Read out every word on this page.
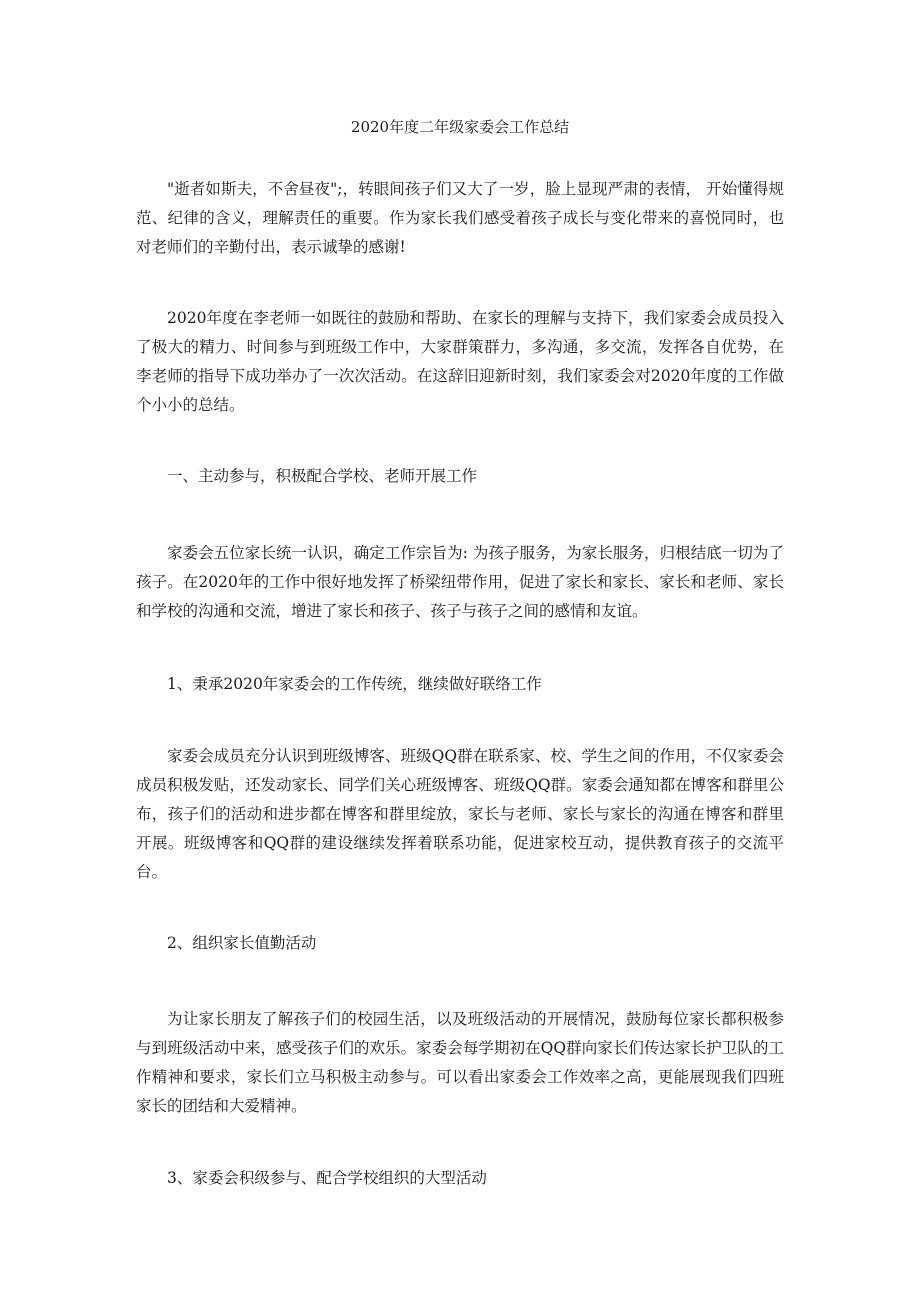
2020年度二年级家委会工作总结

"逝者如斯夫，不舍昼夜";，转眼间孩子们又大了一岁，脸上显现严肃的表情， 开始懂得规范、纪律的含义，理解责任的重要。作为家长我们感受着孩子成长与变化带来的喜悦同时，也对老师们的辛勤付出，表示诚挚的感谢!

2020年度在李老师一如既往的鼓励和帮助、在家长的理解与支持下，我们家委会成员投入了极大的精力、时间参与到班级工作中，大家群策群力，多沟通，多交流，发挥各自优势，在李老师的指导下成功举办了一次次活动。在这辞旧迎新时刻，我们家委会对2020年度的工作做个小小的总结。

一、主动参与，积极配合学校、老师开展工作

家委会五位家长统一认识，确定工作宗旨为: 为孩子服务，为家长服务，归根结底一切为了孩子。在2020年的工作中很好地发挥了桥梁纽带作用，促进了家长和家长、家长和老师、家长和学校的沟通和交流，增进了家长和孩子、孩子与孩子之间的感情和友谊。

1、秉承2020年家委会的工作传统，继续做好联络工作

家委会成员充分认识到班级博客、班级QQ群在联系家、校、学生之间的作用，不仅家委会成员积极发贴，还发动家长、同学们关心班级博客、班级QQ群。家委会通知都在博客和群里公布，孩子们的活动和进步都在博客和群里绽放，家长与老师、家长与家长的沟通在博客和群里开展。班级博客和QQ群的建设继续发挥着联系功能，促进家校互动，提供教育孩子的交流平台。

2、组织家长值勤活动

为让家长朋友了解孩子们的校园生活，以及班级活动的开展情况，鼓励每位家长都积极参与到班级活动中来，感受孩子们的欢乐。家委会每学期初在QQ群向家长们传达家长护卫队的工作精神和要求，家长们立马积极主动参与。可以看出家委会工作效率之高，更能展现我们四班家长的团结和大爱精神。

3、家委会积级参与、配合学校组织的大型活动
